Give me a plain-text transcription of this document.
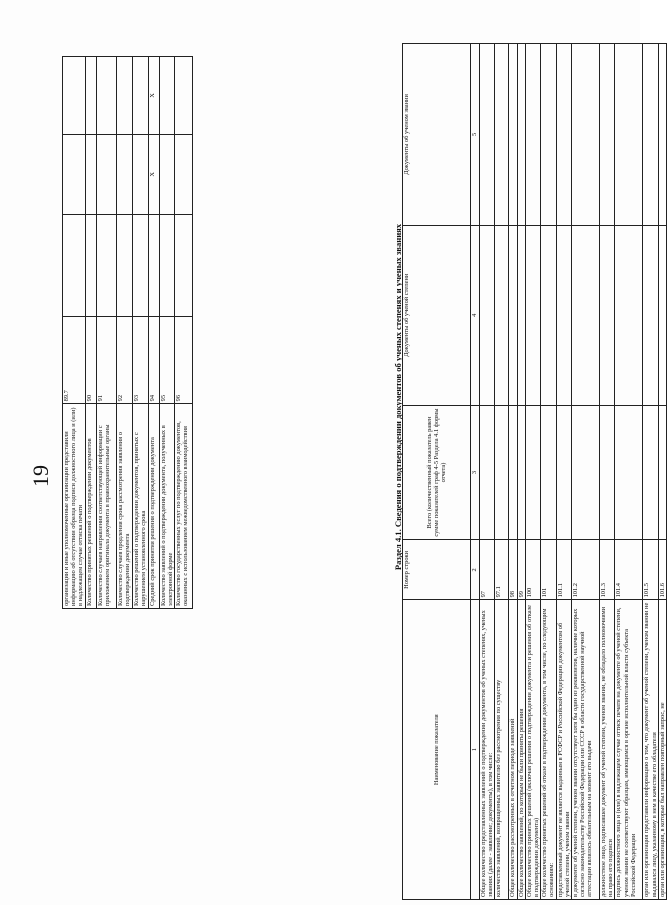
19 организации и иные уполномоченные организации представили информацию об отсутствии образца подписи должностного лица и (или) в надлежащем случае оттиска печати	89.7			
Количество принятых решений о подтверждении документов	90			
Количество случаев направления соответствующей информации с приложением оригинала документа в правоохранительные органы	91			
Количество случаев продления срока рассмотрения заявления о подтверждении документа	92			
Количество решений о подтверждении документов, принятых с нарушением установленного срока	93			
Средний срок принятия решения о подтверждении документа	94		X	X
Количество заявлений о подтверждении документа, полученных в электронной форме	95			
Количество государственных услуг по подтверждению документов, оказанных с использованием межведомственного взаимодействия	96				Раздел 4.1. Сведения о подтверждении документов об ученых степенях и ученых званиях
Наименование показателя	Номер строки	Всего (количественный показатель равен сумме показателей граф 4-5 Раздела 4.1 формы отчета)	Документы об ученой степени	Документы об ученом звании
1	2	3	4	5
Общее количество представленных заявлений о подтверждении документов об ученых степенях, ученых званиях (далее - заявление; документы), в том числе:	97			
количество заявлений, возвращенных заявителю без рассмотрения по существу	97.1			
Общее количество рассмотренных в отчетном периоде заявлений	98			
Общее количество заявлений, по которым не были приняты решения	99			
Общее количество принятых решений (включая решения о подтверждении документа и решения об отказе в подтверждении документа)	100			
Общее количество принятых решений об отказе в подтверждении документа, в том числе, по следующим основаниям:	101			
представленный документ не является выданным в РСФСР и Российской Федерации документом об ученой степени, ученом звании	101.1			
в документе об ученой степени, ученом звании отсутствует хотя бы один из реквизитов, наличие которых согласно законодательству Российской Федерации или СССР в области государственной научной аттестации являлось обязательным на момент его выдачи	101.2			
должностное лицо, подписавшее документ об ученой степени, ученом звании, не обладало полномочиями на право его подписи	101.3			
подпись должностного лица и (или) в надлежащем случае оттиск печати на документе об ученой степени, ученом звании не соответствуют образцам, имеющимся в органе исполнительной власти субъекта Российской Федерации	101.4			
орган или организация представили информацию о том, что документ об ученой степени, ученом звании не выдавался лицу, указанному в нем в качестве его обладателя	101.5			
орган или организация, в которые был направлен повторный запрос, не	101.6			
